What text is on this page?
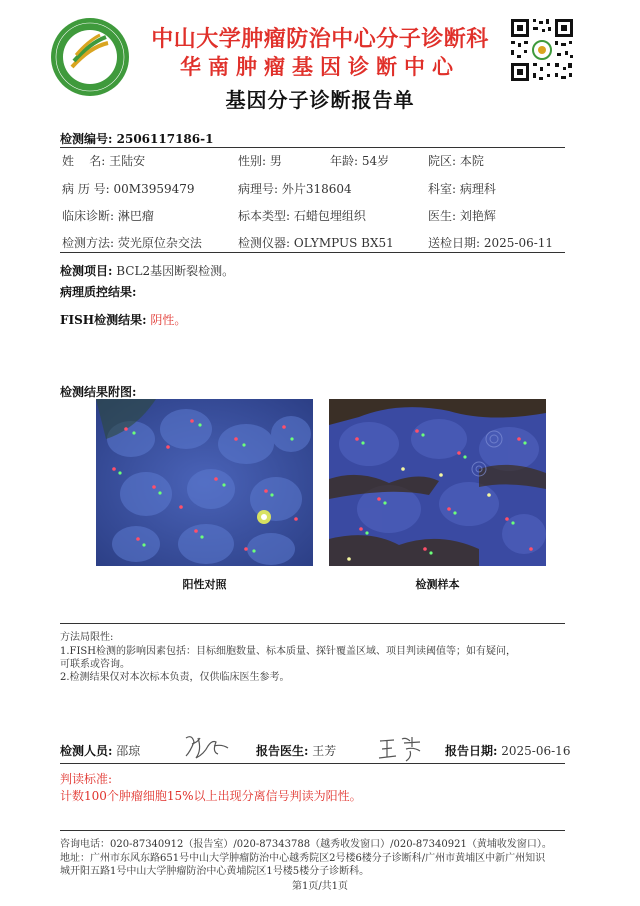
中山大学肿瘤防治中心分子诊断科
华南肿瘤基因诊断中心
基因分子诊断报告单
检测编号: 2506117186-1
姓    名: 王陆安	性别: 男	年龄: 54岁	院区: 本院
病 历 号: 00M3959479	病理号: 外片318604	科室: 病理科
临床诊断: 淋巴瘤	标本类型: 石蜡包埋组织	医生: 刘艳辉
检测方法: 荧光原位杂交法	检测仪器: OLYMPUS BX51	送检日期: 2025-06-11
检测项目: BCL2基因断裂检测。
病理质控结果:
FISH检测结果: 阴性。
检测结果附图:
阳性对照	检测样本
方法局限性:
1.FISH检测的影响因素包括：目标细胞数量、标本质量、探针覆盖区域、项目判读阈值等；如有疑问，
可联系或咨询。
2.检测结果仅对本次标本负责，仅供临床医生参考。
检测人员: 邵琼	报告医生: 王芳	报告日期: 2025-06-16
判读标准:
计数100个肿瘤细胞15%以上出现分离信号判读为阳性。
咨询电话：020-87340912（报告室）/020-87343788（越秀收发窗口）/020-87340921（黄埔收发窗口）。
地址：广州市东风东路651号中山大学肿瘤防治中心越秀院区2号楼6楼分子诊断科/广州市黄埔区中新广州知识
城开阳五路1号中山大学肿瘤防治中心黄埔院区1号楼5楼分子诊断科。
第1页/共1页
